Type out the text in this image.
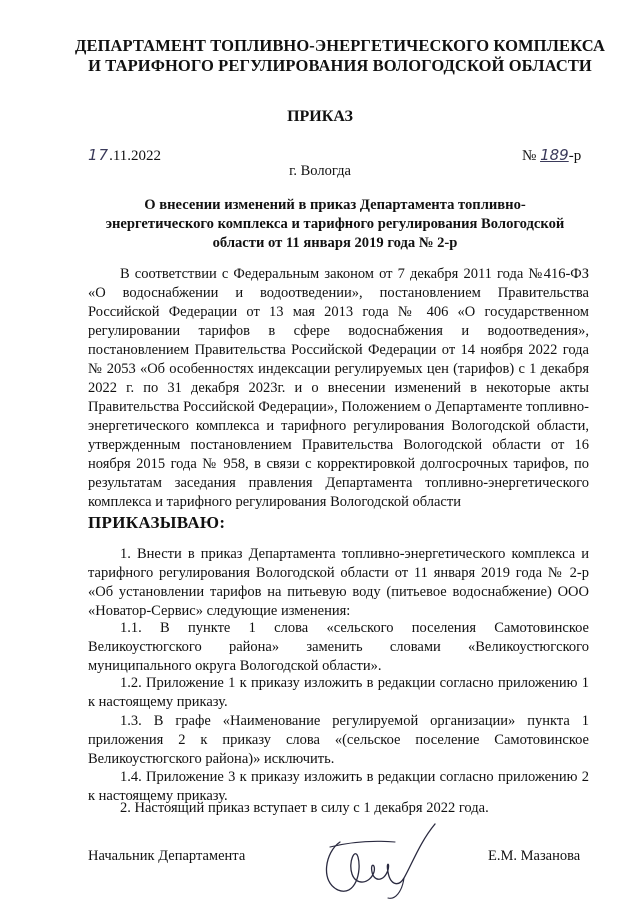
ДЕПАРТАМЕНТ ТОПЛИВНО-ЭНЕРГЕТИЧЕСКОГО КОМПЛЕКСА
И ТАРИФНОГО РЕГУЛИРОВАНИЯ ВОЛОГОДСКОЙ ОБЛАСТИ
ПРИКАЗ
17.11.2022	№ 189-р
г. Вологда
О внесении изменений в приказ Департамента топливно-
энергетического комплекса и тарифного регулирования Вологодской
области от 11 января 2019 года № 2-р
В соответствии с Федеральным законом от 7 декабря 2011 года №416-ФЗ «О водоснабжении и водоотведении», постановлением Правительства Российской Федерации от 13 мая 2013 года № 406 «О государственном регулировании тарифов в сфере водоснабжения и водоотведения», постановлением Правительства Российской Федерации от 14 ноября 2022 года № 2053 «Об особенностях индексации регулируемых цен (тарифов) с 1 декабря 2022 г. по 31 декабря 2023г. и о внесении изменений в некоторые акты Правительства Российской Федерации», Положением о Департаменте топливно-энергетического комплекса и тарифного регулирования Вологодской области, утвержденным постановлением Правительства Вологодской области от 16 ноября 2015 года № 958, в связи с корректировкой долгосрочных тарифов, по результатам заседания правления Департамента топливно-энергетического комплекса и тарифного регулирования Вологодской области
ПРИКАЗЫВАЮ:
1. Внести в приказ Департамента топливно-энергетического комплекса и тарифного регулирования Вологодской области от 11 января 2019 года № 2-р «Об установлении тарифов на питьевую воду (питьевое водоснабжение) ООО «Новатор-Сервис» следующие изменения:
1.1. В пункте 1 слова «сельского поселения Самотовинское Великоустюгского района» заменить словами «Великоустюгского муниципального округа Вологодской области».
1.2. Приложение 1 к приказу изложить в редакции согласно приложению 1 к настоящему приказу.
1.3. В графе «Наименование регулируемой организации» пункта 1 приложения 2 к приказу слова «(сельское поселение Самотовинское Великоустюгского района)» исключить.
1.4. Приложение 3 к приказу изложить в редакции согласно приложению 2 к настоящему приказу.
2. Настоящий приказ вступает в силу с 1 декабря 2022 года.
Начальник Департамента	Е.М. Мазанова
